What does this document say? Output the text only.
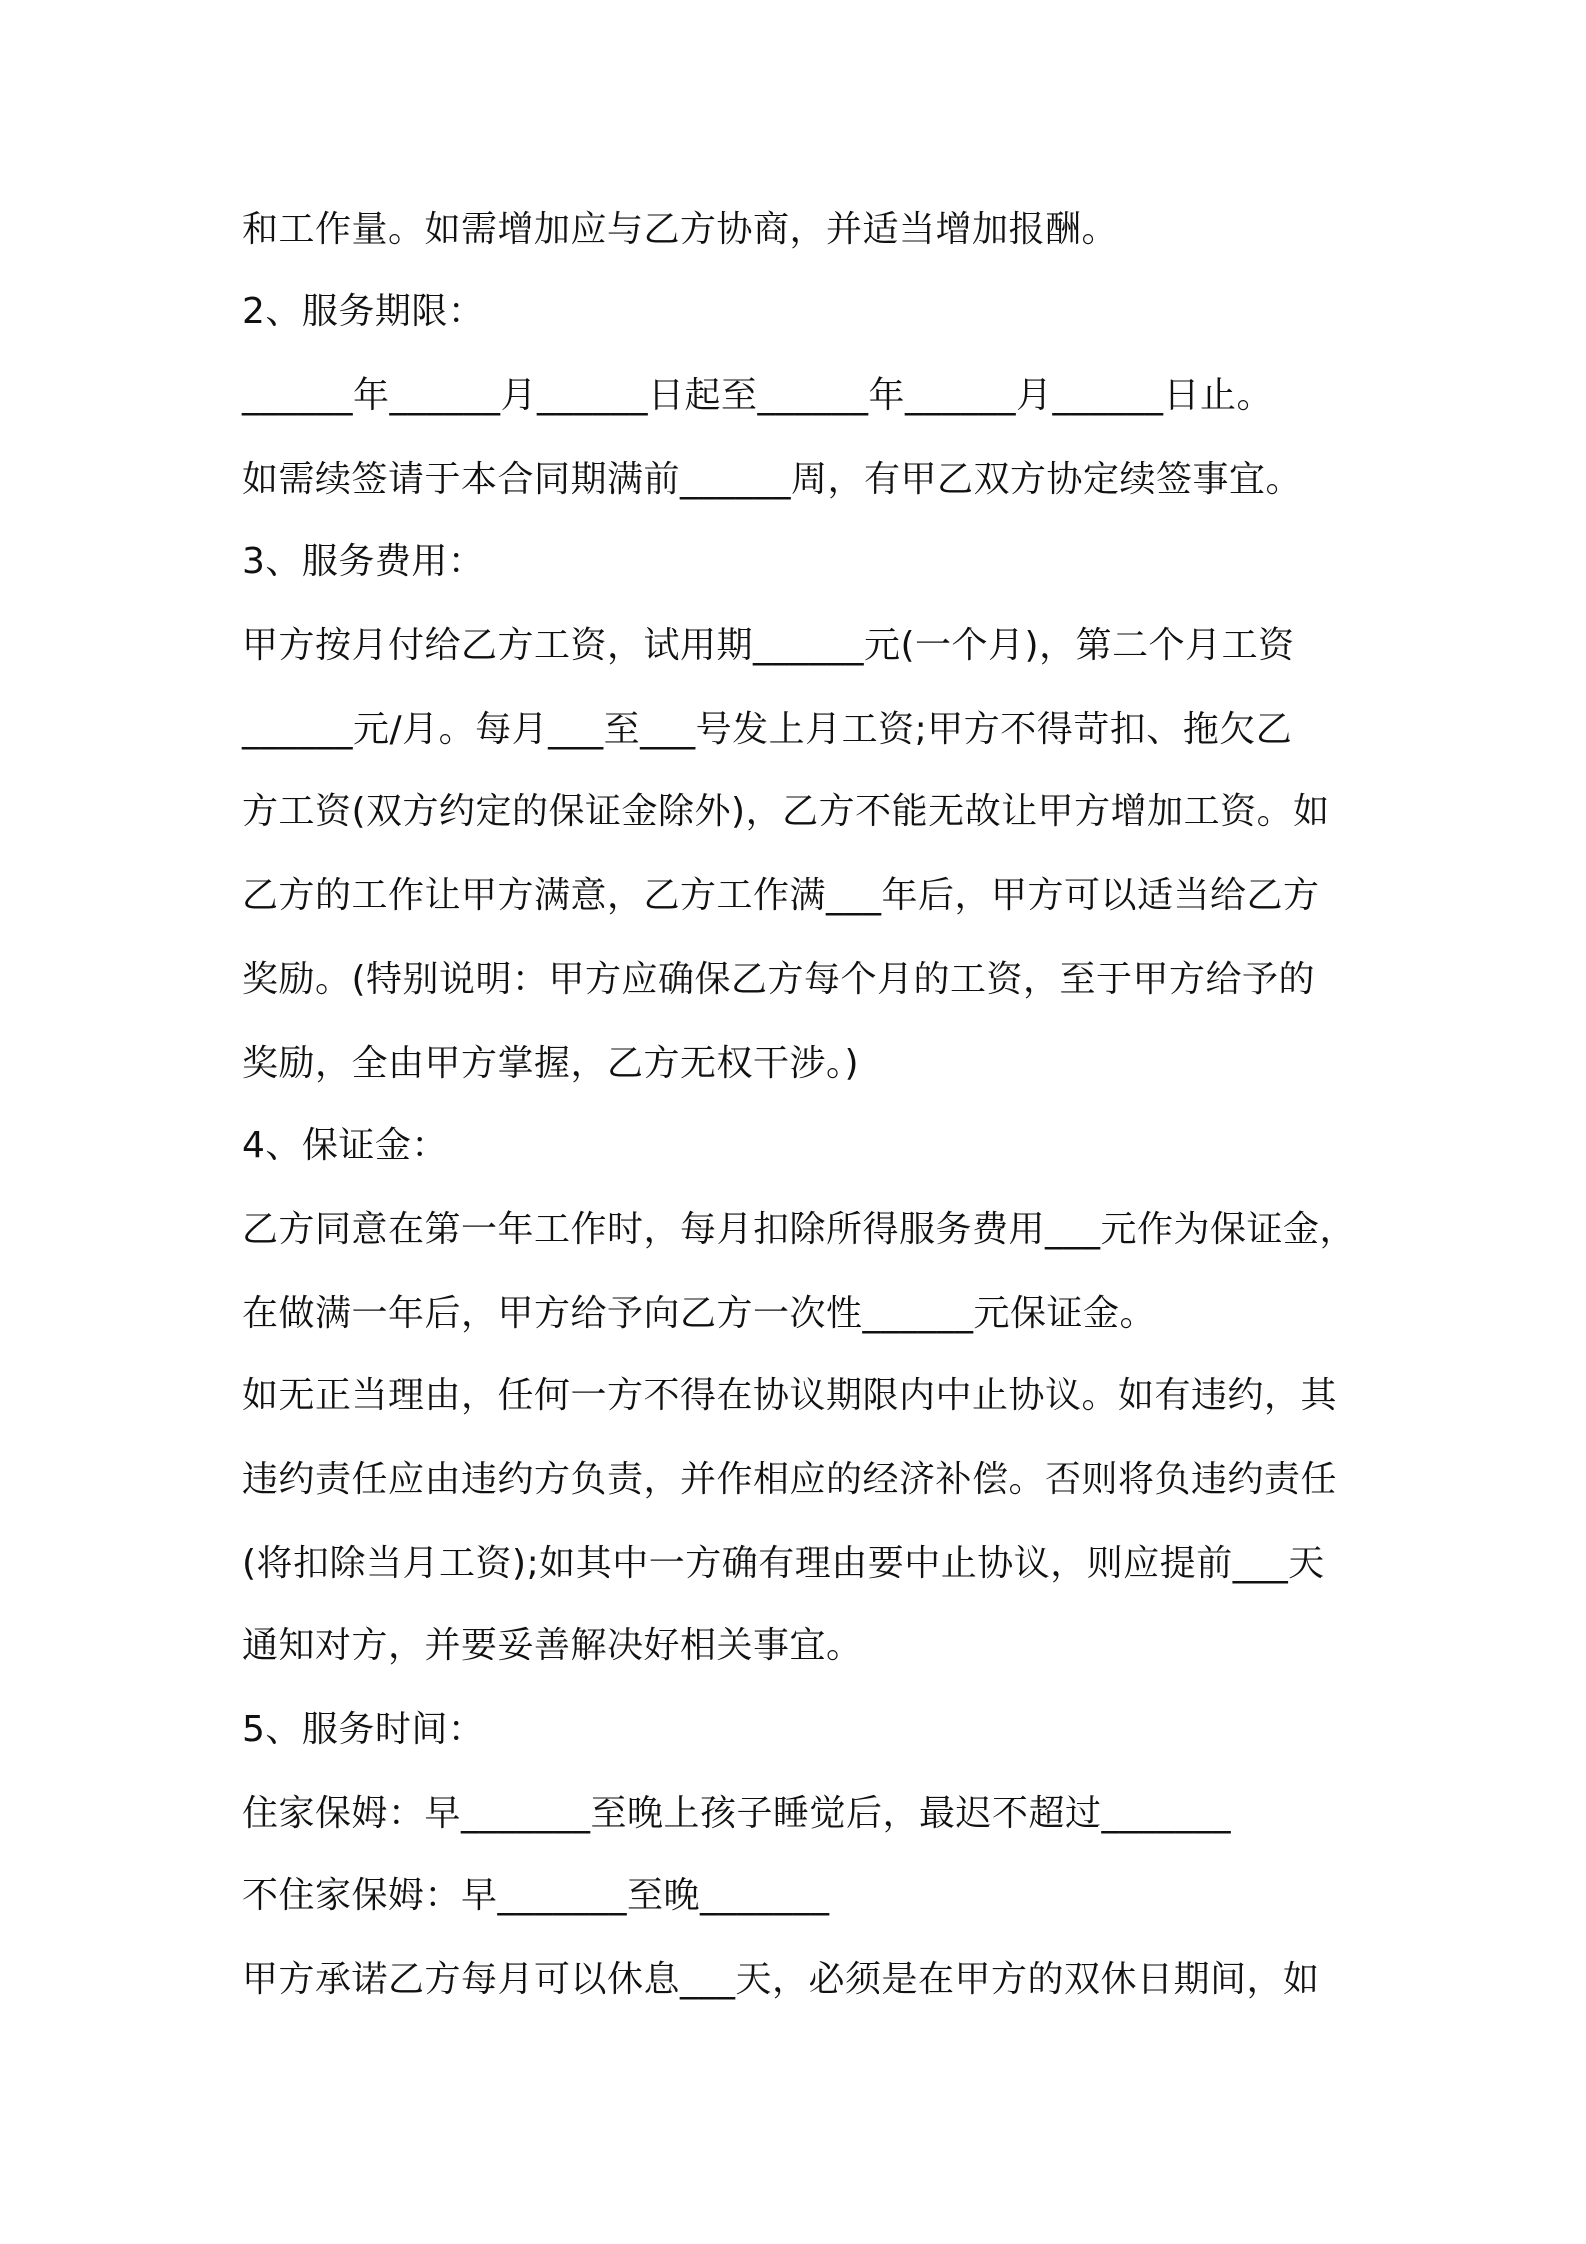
和工作量。如需增加应与乙方协商，并适当增加报酬。
2、服务期限：
______年______月______日起至______年______月______日止。
如需续签请于本合同期满前______周，有甲乙双方协定续签事宜。
3、服务费用：
甲方按月付给乙方工资，试用期______元(一个月)，第二个月工资
______元/月。每月___至___号发上月工资;甲方不得苛扣、拖欠乙
方工资(双方约定的保证金除外)，乙方不能无故让甲方增加工资。如
乙方的工作让甲方满意，乙方工作满___年后，甲方可以适当给乙方
奖励。(特别说明：甲方应确保乙方每个月的工资，至于甲方给予的
奖励，全由甲方掌握，乙方无权干涉。)
4、保证金：
乙方同意在第一年工作时，每月扣除所得服务费用___元作为保证金，
在做满一年后，甲方给予向乙方一次性______元保证金。
如无正当理由，任何一方不得在协议期限内中止协议。如有违约，其
违约责任应由违约方负责，并作相应的经济补偿。否则将负违约责任
(将扣除当月工资);如其中一方确有理由要中止协议，则应提前___天
通知对方，并要妥善解决好相关事宜。
5、服务时间：
住家保姆：早_______至晚上孩子睡觉后，最迟不超过_______
不住家保姆：早_______至晚_______
甲方承诺乙方每月可以休息___天，必须是在甲方的双休日期间，如
